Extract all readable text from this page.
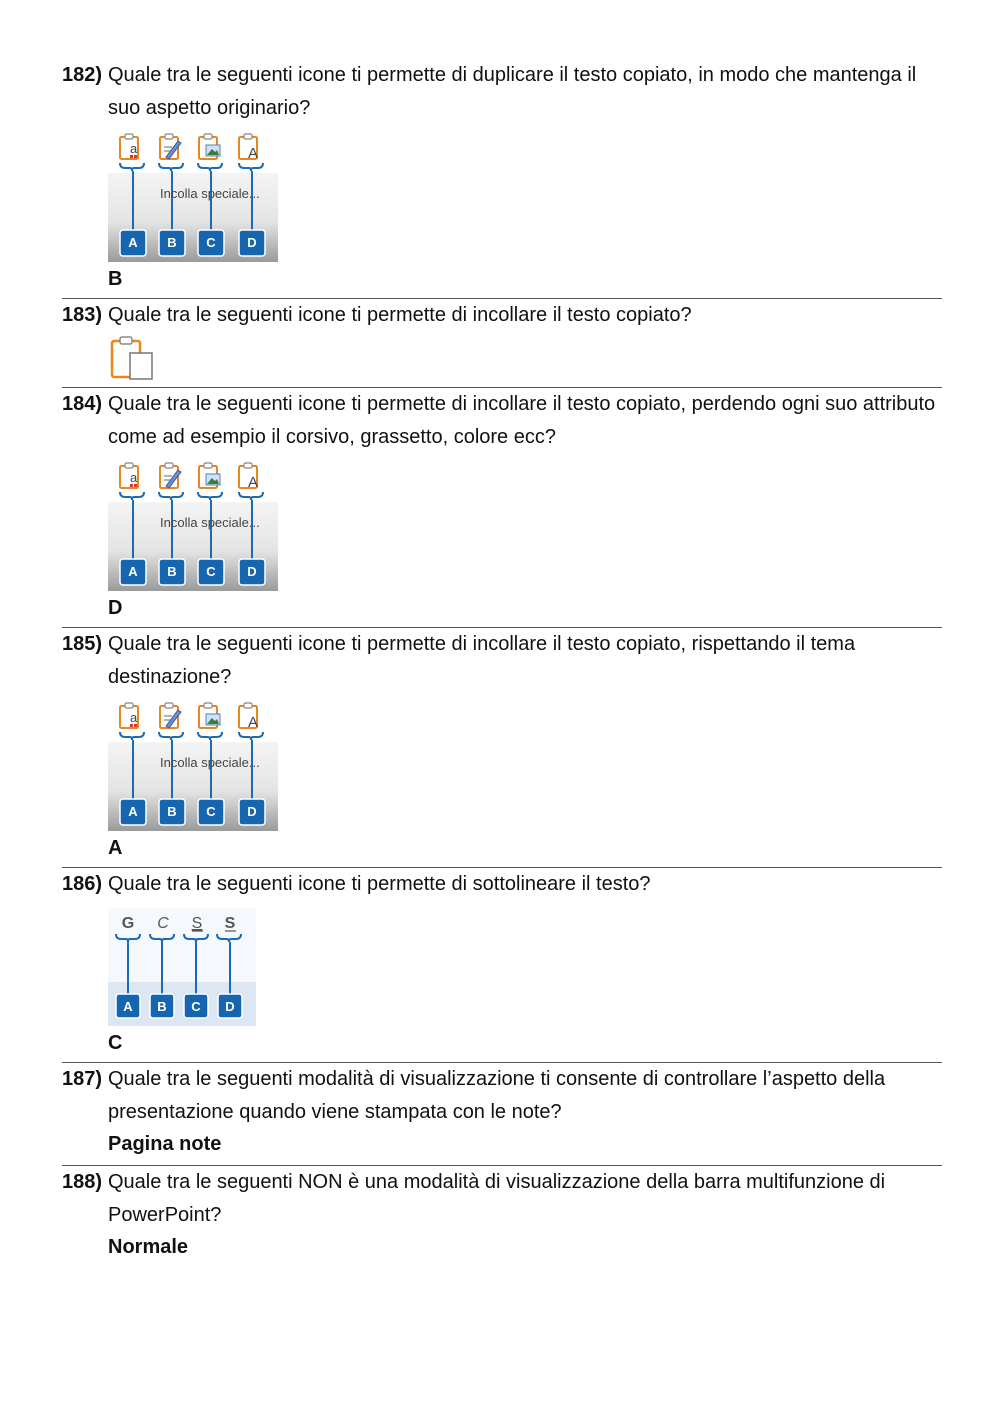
182) Quale tra le seguenti icone ti permette di duplicare il testo copiato, in modo che mantenga il suo aspetto originario?
Incolla speciale...
A B C D
B
183) Quale tra le seguenti icone ti permette di incollare il testo copiato?
184) Quale tra le seguenti icone ti permette di incollare il testo copiato, perdendo ogni suo attributo come ad esempio il corsivo, grassetto, colore ecc?
Incolla speciale...
A B C D
D
185) Quale tra le seguenti icone ti permette di incollare il testo copiato, rispettando il tema destinazione?
Incolla speciale...
A B C D
A
186) Quale tra le seguenti icone ti permette di sottolineare il testo?
G C S S
A B C D
C
187) Quale tra le seguenti modalità di visualizzazione ti consente di controllare l’aspetto della presentazione quando viene stampata con le note?
Pagina note
188) Quale tra le seguenti NON è una modalità di visualizzazione della barra multifunzione di PowerPoint?
Normale
